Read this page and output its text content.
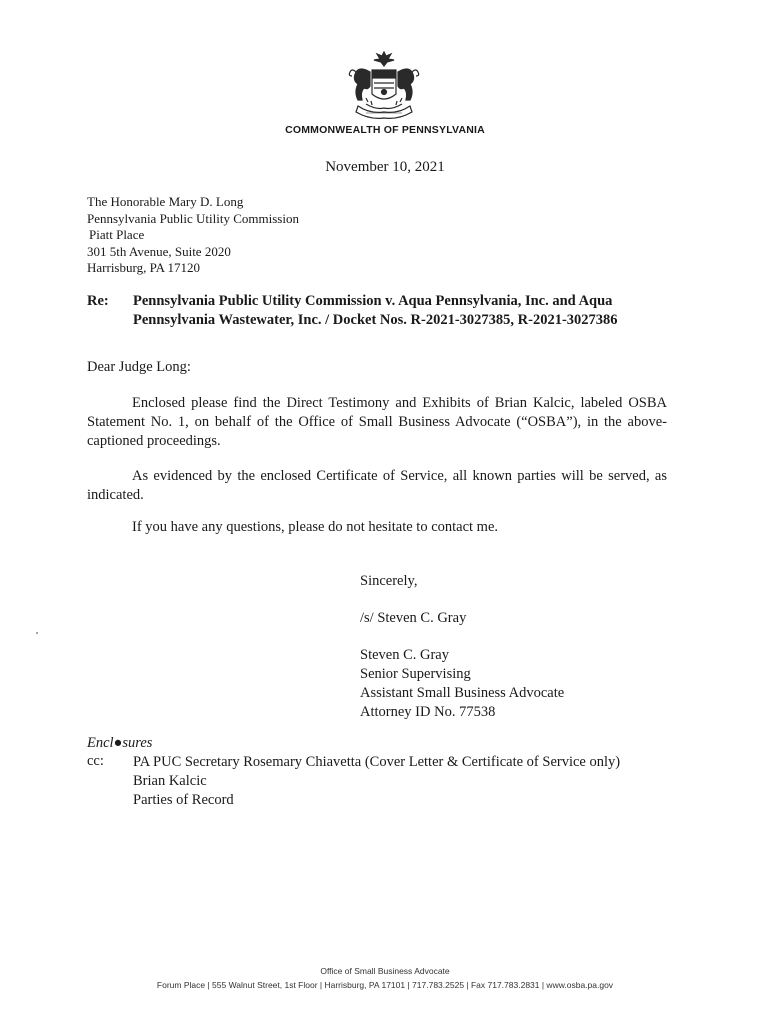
COMMONWEALTH OF PENNSYLVANIA
November 10, 2021
The Honorable Mary D. Long
Pennsylvania Public Utility Commission
Piatt Place
301 5th Avenue, Suite 2020
Harrisburg, PA 17120
Re: Pennsylvania Public Utility Commission v. Aqua Pennsylvania, Inc. and Aqua
Pennsylvania Wastewater, Inc. / Docket Nos. R-2021-3027385, R-2021-3027386
Dear Judge Long:
Enclosed please find the Direct Testimony and Exhibits of Brian Kalcic, labeled OSBA Statement No. 1, on behalf of the Office of Small Business Advocate (“OSBA”), in the above-captioned proceedings.
As evidenced by the enclosed Certificate of Service, all known parties will be served, as indicated.
If you have any questions, please do not hesitate to contact me.
Sincerely,
/s/ Steven C. Gray
Steven C. Gray
Senior Supervising
Assistant Small Business Advocate
Attorney ID No. 77538
Encl●sures
cc: PA PUC Secretary Rosemary Chiavetta (Cover Letter & Certificate of Service only)
Brian Kalcic
Parties of Record
Office of Small Business Advocate
Forum Place | 555 Walnut Street, 1st Floor | Harrisburg, PA 17101 | 717.783.2525 | Fax 717.783.2831 | www.osba.pa.gov
